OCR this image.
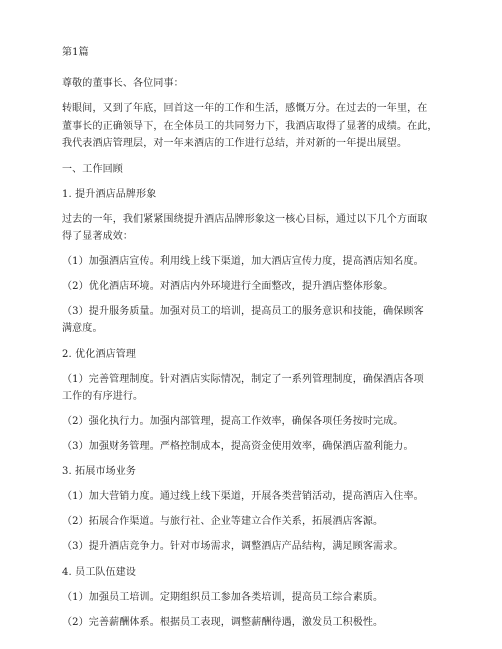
第1篇
尊敬的董事长、各位同事：
转眼间，又到了年底，回首这一年的工作和生活，感慨万分。在过去的一年里，在
董事长的正确领导下，在全体员工的共同努力下，我酒店取得了显著的成绩。在此，
我代表酒店管理层，对一年来酒店的工作进行总结，并对新的一年提出展望。
一、工作回顾
1. 提升酒店品牌形象
过去的一年，我们紧紧围绕提升酒店品牌形象这一核心目标，通过以下几个方面取
得了显著成效：
（1）加强酒店宣传。利用线上线下渠道，加大酒店宣传力度，提高酒店知名度。
（2）优化酒店环境。对酒店内外环境进行全面整改，提升酒店整体形象。
（3）提升服务质量。加强对员工的培训，提高员工的服务意识和技能，确保顾客
满意度。
2. 优化酒店管理
（1）完善管理制度。针对酒店实际情况，制定了一系列管理制度，确保酒店各项
工作的有序进行。
（2）强化执行力。加强内部管理，提高工作效率，确保各项任务按时完成。
（3）加强财务管理。严格控制成本，提高资金使用效率，确保酒店盈利能力。
3. 拓展市场业务
（1）加大营销力度。通过线上线下渠道，开展各类营销活动，提高酒店入住率。
（2）拓展合作渠道。与旅行社、企业等建立合作关系，拓展酒店客源。
（3）提升酒店竞争力。针对市场需求，调整酒店产品结构，满足顾客需求。
4. 员工队伍建设
（1）加强员工培训。定期组织员工参加各类培训，提高员工综合素质。
（2）完善薪酬体系。根据员工表现，调整薪酬待遇，激发员工积极性。
